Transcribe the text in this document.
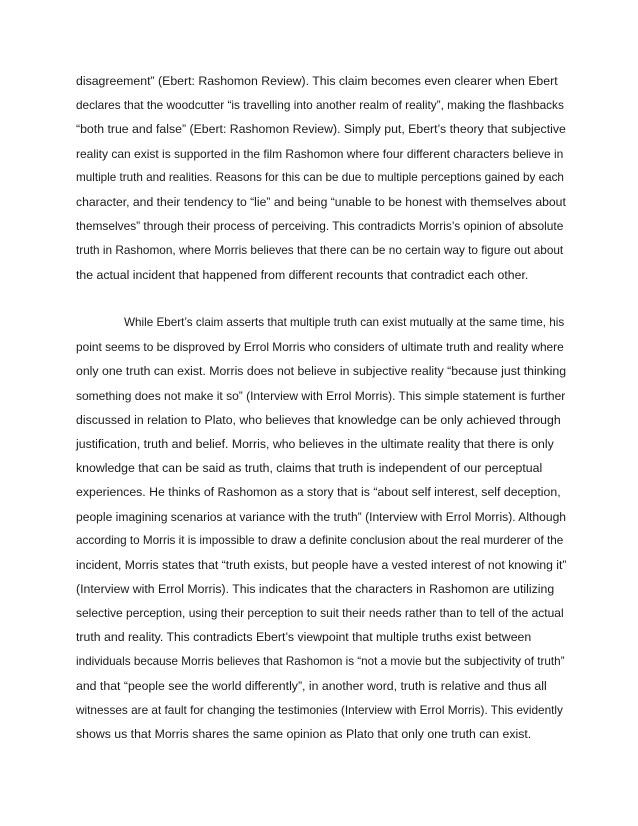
disagreement” (Ebert: Rashomon Review). This claim becomes even clearer when Ebert
declares that the woodcutter “is travelling into another realm of reality”, making the flashbacks
“both true and false” (Ebert: Rashomon Review). Simply put, Ebert’s theory that subjective
reality can exist is supported in the film Rashomon where four different characters believe in
multiple truth and realities. Reasons for this can be due to multiple perceptions gained by each
character, and their tendency to “lie” and being “unable to be honest with themselves about
themselves” through their process of perceiving. This contradicts Morris’s opinion of absolute
truth in Rashomon, where Morris believes that there can be no certain way to figure out about
the actual incident that happened from different recounts that contradict each other.
While Ebert’s claim asserts that multiple truth can exist mutually at the same time, his
point seems to be disproved by Errol Morris who considers of ultimate truth and reality where
only one truth can exist. Morris does not believe in subjective reality “because just thinking
something does not make it so” (Interview with Errol Morris). This simple statement is further
discussed in relation to Plato, who believes that knowledge can be only achieved through
justification, truth and belief. Morris, who believes in the ultimate reality that there is only
knowledge that can be said as truth, claims that truth is independent of our perceptual
experiences. He thinks of Rashomon as a story that is “about self interest, self deception,
people imagining scenarios at variance with the truth” (Interview with Errol Morris). Although
according to Morris it is impossible to draw a definite conclusion about the real murderer of the
incident, Morris states that “truth exists, but people have a vested interest of not knowing it”
(Interview with Errol Morris). This indicates that the characters in Rashomon are utilizing
selective perception, using their perception to suit their needs rather than to tell of the actual
truth and reality. This contradicts Ebert’s viewpoint that multiple truths exist between
individuals because Morris believes that Rashomon is “not a movie but the subjectivity of truth”
and that “people see the world differently”, in another word, truth is relative and thus all
witnesses are at fault for changing the testimonies (Interview with Errol Morris). This evidently
shows us that Morris shares the same opinion as Plato that only one truth can exist.
